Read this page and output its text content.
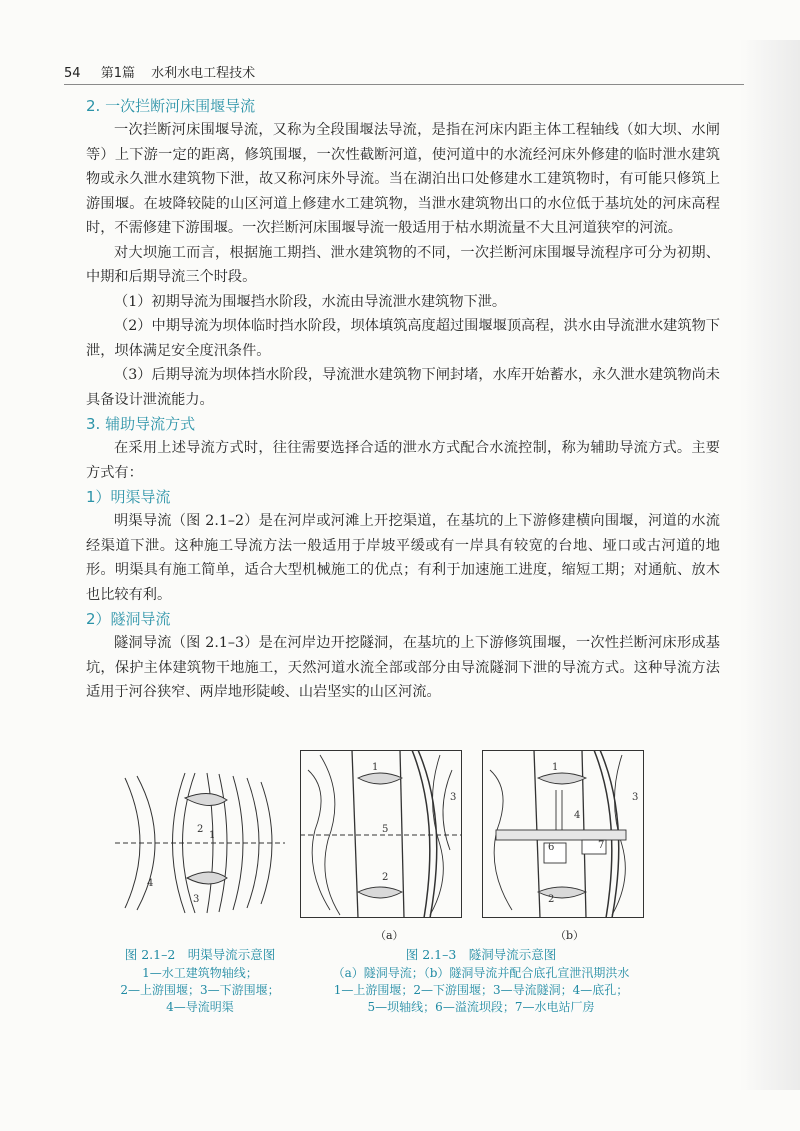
54 第1篇 水利水电工程技术
2. 一次拦断河床围堰导流

一次拦断河床围堰导流，又称为全段围堰法导流，是指在河床内距主体工程轴线（如大坝、水闸等）上下游一定的距离，修筑围堰，一次性截断河道，使河道中的水流经河床外修建的临时泄水建筑物或永久泄水建筑物下泄，故又称河床外导流。当在湖泊出口处修建水工建筑物时，有可能只修筑上游围堰。在坡降较陡的山区河道上修建水工建筑物，当泄水建筑物出口的水位低于基坑处的河床高程时，不需修建下游围堰。一次拦断河床围堰导流一般适用于枯水期流量不大且河道狭窄的河流。

对大坝施工而言，根据施工期挡、泄水建筑物的不同，一次拦断河床围堰导流程序可分为初期、中期和后期导流三个时段。

（1）初期导流为围堰挡水阶段，水流由导流泄水建筑物下泄。

（2）中期导流为坝体临时挡水阶段，坝体填筑高度超过围堰堰顶高程，洪水由导流泄水建筑物下泄，坝体满足安全度汛条件。

（3）后期导流为坝体挡水阶段，导流泄水建筑物下闸封堵，水库开始蓄水，永久泄水建筑物尚未具备设计泄流能力。

3. 辅助导流方式

在采用上述导流方式时，往往需要选择合适的泄水方式配合水流控制，称为辅助导流方式。主要方式有：

1）明渠导流

明渠导流（图 2.1–2）是在河岸或河滩上开挖渠道，在基坑的上下游修建横向围堰，河道的水流经渠道下泄。这种施工导流方法一般适用于岸坡平缓或有一岸具有较宽的台地、垭口或古河道的地形。明渠具有施工简单，适合大型机械施工的优点；有利于加速施工进度，缩短工期；对通航、放木也比较有利。

2）隧洞导流

隧洞导流（图 2.1–3）是在河岸边开挖隧洞，在基坑的上下游修筑围堰，一次性拦断河床形成基坑，保护主体建筑物干地施工，天然河道水流全部或部分由导流隧洞下泄的导流方式。这种导流方法适用于河谷狭窄、两岸地形陡峻、山岩坚实的山区河流。

1
2
3
4
1
2
3
5
1
2
3
4
6	7
（a）	（b）
图 2.1–2　明渠导流示意图
1—水工建筑物轴线；
2—上游围堰；3—下游围堰；
4—导流明渠
图 2.1–3　隧洞导流示意图
（a）隧洞导流；（b）隧洞导流并配合底孔宣泄汛期洪水
1—上游围堰；2—下游围堰；3—导流隧洞；4—底孔；
5—坝轴线；6—溢流坝段；7—水电站厂房
